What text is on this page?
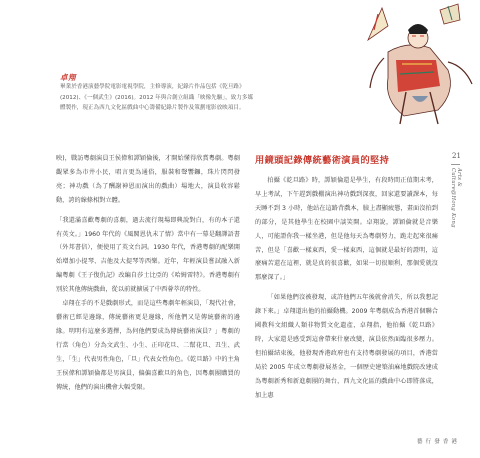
卓翔
畢業於香港演藝學院電影電視學院，主修導演，紀錄片作品包括《乾旦路》(2012)、《一個武生》(2016)。2012 年與合創立組織「映像先驅」，致力多媒體製作，現正為西九文化區戲曲中心籌備紀錄片製作及策劃電影放映項目。

映)，戰訪粵劇演員王侯偉和譚穎倫後，才開始懂得欣賞粵劇。粵劇觀眾多為市井小民，唱言更為通俗，服裝和聲響鑼，珠片閃閃發亮；神功戲（為了酬謝神恩而演出的戲曲）場地大，演員收容鬆動，誇的線條相對立體。

「我還滿喜歡粵劇的喜劇，過去流行現場即興說對白，有的本子還有英文。」1960 年代的《風閣恩仇未了情》當中有一幕是翻譯語書（外邦書信），便使用了英文台詞。1930 年代，香港粵劇的配樂開始增加小提琴、吉他及大提琴等西樂。近年，年輕演員嘗試融入新編粵劇《王子復仇記》改編自莎士比亞的《哈姆雷特》。香港粵劇有別於其他傳統戲曲，從以前就擴展了中西薈萃的特性。

卓翔在手的不是戲劇形式，而是這些粵劇年輕演員，「現代社會，藝術已經是邊緣，傳統藝術更是邊緣，所他們又是傳統藝術的邊緣。明明有這麼多選擇，為何他們要成為傳統藝術演員？」粵劇的行當（角色）分為文武生、小生、正印花旦、二幫花旦、丑生、武生，「生」代表男性角色，「旦」代表女性角色。《乾旦路》中的主角王侯偉和譚穎倫都是男演員，偏偏喜歡旦的角色，因粵劇團購買的傳統，他們的演出機會大幅受限。

用鏡頭記錄傳統藝術演員的堅持

拍攝《乾旦路》時，譚穎倫還是學生，有段時間正值期末考，早上考試，下午趕到戲棚演出神功戲到深夜，回家還要讀課本，每天睡不到 3 小時，他站在這路背戲本，臉上盡顯疲態，畫面沒拍到的部分，是其他學生在校園中談笑開。卓翔說，譚穎倫就是音樂人，可能證你我一樣坐港，但是他每天為粵劇努力，跪走起來很痛苦，但是「喜歡一樣東西，愛一樣東西，這個就是最好的證明，這麼痛苦還在這裡，就是真的很喜歡，如果一切很順利，那個愛就沒那麼深了。」

「如果他們沒被發現，或許他們五年後就會消失，所以我想記錄下來。」卓翔道出他的拍攝動機。2009 年粵劇成為香港首個聯合國教科文組織人類非物質文化遺產，卓翔指，他拍攝《乾旦路》時，大家還是感受到這會帶來什麼改變，演員依然面臨很多壓力。但拍攝結束後，他發現香港政府也有支持粵劇發展的項目，香港當局於 2005 年成立粵劇發展基金，一個歷史建築油麻地戲院改建成為粵劇新秀和新進劇團的舞台，西九文化區的戲曲中心即將落成，加上惠

21
Arts & Culture@Hong Kong
藝行發香港
